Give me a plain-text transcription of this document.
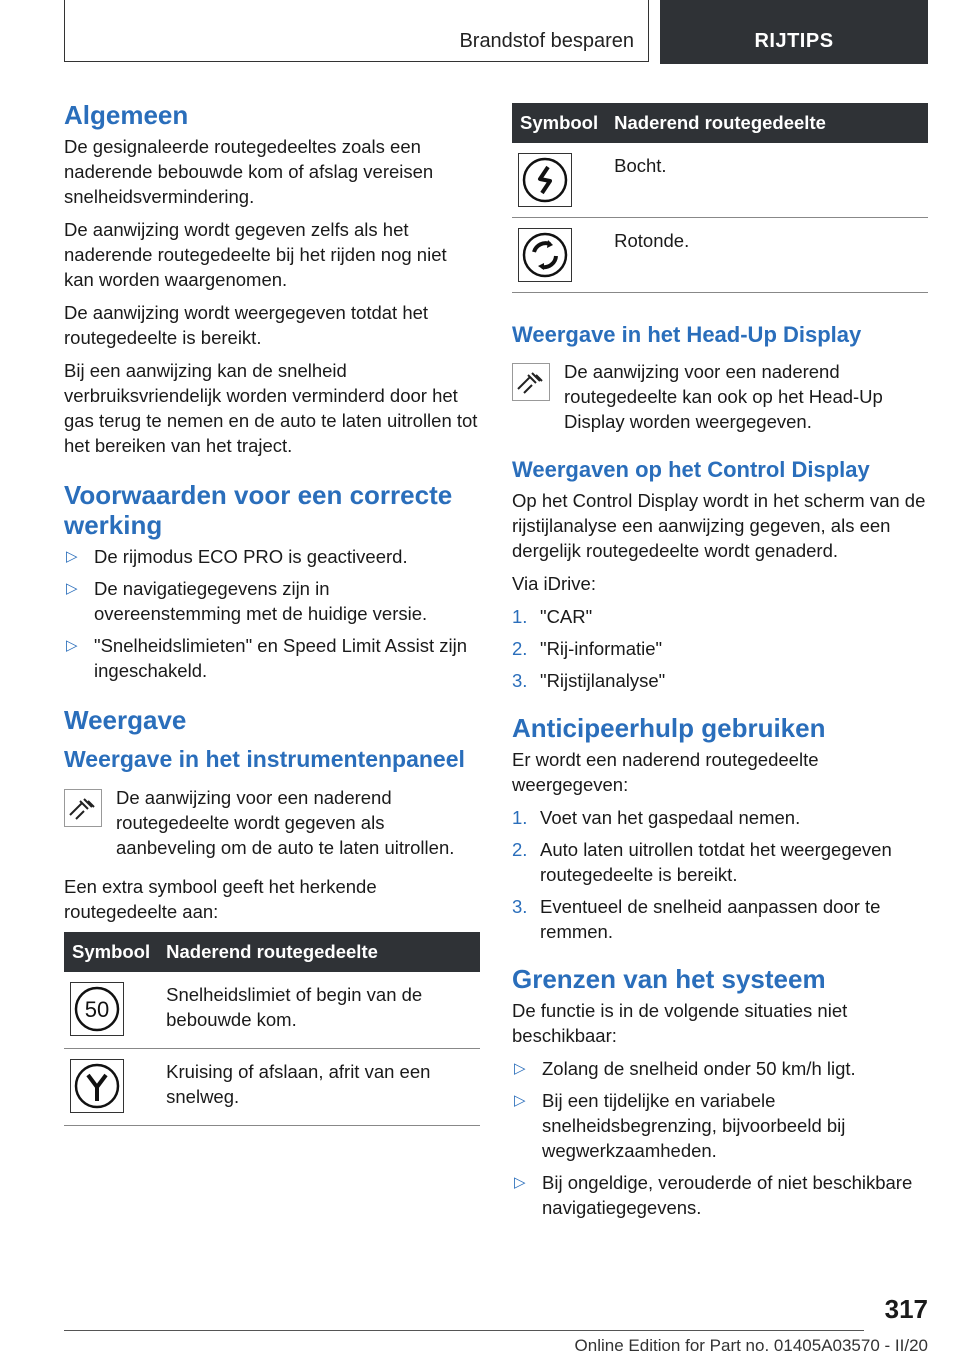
Brandstof besparen	RIJTIPS
Algemeen

De gesignaleerde routegedeeltes zoals een naderende bebouwde kom of afslag vereisen snelheidsvermindering.

De aanwijzing wordt gegeven zelfs als het naderende routegedeelte bij het rijden nog niet kan worden waargenomen.

De aanwijzing wordt weergegeven totdat het routegedeelte is bereikt.

Bij een aanwijzing kan de snelheid verbruiksvriendelijk worden verminderd door het gas terug te nemen en de auto te laten uitrollen tot het bereiken van het traject.

Voorwaarden voor een correcte werking
▷ De rijmodus ECO PRO is geactiveerd.
▷ De navigatiegegevens zijn in overeenstemming met de huidige versie.
▷ "Snelheidslimieten" en Speed Limit Assist zijn ingeschakeld.
Weergave
Weergave in het instrumentenpaneel
De aanwijzing voor een naderend routegedeelte wordt gegeven als aanbeveling om de auto te laten uitrollen.

Een extra symbool geeft het herkende routegedeelte aan:

Symbool	Naderend routegedeelte

50	Snelheidslimiet of begin van de bebouwde kom.

	Kruising of afslaan, afrit van een snelweg.
Symbool	Naderend routegedeelte

	Bocht.

	Rotonde.
Weergave in het Head-Up Display
De aanwijzing voor een naderend routegedeelte kan ook op het Head-Up Display worden weergegeven.
Weergaven op het Control Display

Op het Control Display wordt in het scherm van de rijstijlanalyse een aanwijzing gegeven, als een dergelijk routegedeelte wordt genaderd.

Via iDrive:

1. "CAR"
2. "Rij-informatie"
3. "Rijstijlanalyse"
Anticipeerhulp gebruiken

Er wordt een naderend routegedeelte weergegeven:

1. Voet van het gaspedaal nemen.
2. Auto laten uitrollen totdat het weergegeven routegedeelte is bereikt.
3. Eventueel de snelheid aanpassen door te remmen.
Grenzen van het systeem

De functie is in de volgende situaties niet beschikbaar:

▷ Zolang de snelheid onder 50 km/h ligt.
▷ Bij een tijdelijke en variabele snelheidsbegrenzing, bijvoorbeeld bij wegwerkzaamheden.
▷ Bij ongeldige, verouderde of niet beschikbare navigatiegegevens.
317
Online Edition for Part no. 01405A03570 - II/20
